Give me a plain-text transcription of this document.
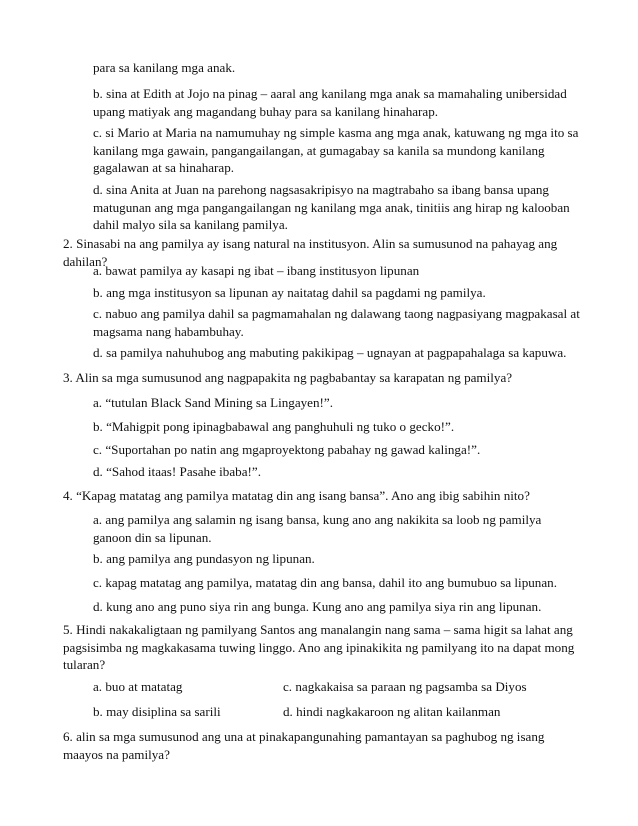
para sa kanilang mga anak.

b. sina at Edith at Jojo na pinag – aaral ang kanilang mga anak sa mamahaling unibersidad upang matiyak ang magandang buhay para sa kanilang hinaharap.

c. si Mario at Maria na namumuhay ng simple kasma ang mga anak, katuwang ng mga ito sa kanilang mga gawain, pangangailangan, at gumagabay sa kanila sa mundong kanilang gagalawan at sa hinaharap.

d. sina Anita at Juan na parehong nagsasakripisyo na magtrabaho sa ibang bansa upang matugunan ang mga pangangailangan ng kanilang mga anak, tinitiis ang hirap ng kalooban dahil malyo sila sa kanilang pamilya.

2. Sinasabi na ang pamilya ay isang natural na institusyon. Alin sa sumusunod na pahayag ang dahilan?

a. bawat pamilya ay kasapi ng ibat – ibang institusyon lipunan

b. ang mga institusyon sa lipunan ay naitatag dahil sa pagdami ng pamilya.

c. nabuo ang pamilya dahil sa pagmamahalan ng dalawang taong nagpasiyang magpakasal at magsama nang habambuhay.

d. sa pamilya nahuhubog ang mabuting pakikipag – ugnayan at pagpapahalaga sa kapuwa.

3. Alin sa mga sumusunod ang nagpapakita ng pagbabantay sa karapatan ng pamilya?

a. “tutulan Black Sand Mining sa Lingayen!”.

b. “Mahigpit pong ipinagbabawal ang panghuhuli ng tuko o gecko!”.

c. “Suportahan po natin ang mgaproyektong pabahay ng gawad kalinga!”.

d. “Sahod itaas! Pasahe ibaba!”.

4. “Kapag matatag ang pamilya matatag din ang isang bansa”. Ano ang ibig sabihin nito?

a. ang pamilya ang salamin ng isang bansa, kung ano ang nakikita sa loob ng pamilya ganoon din sa lipunan.

b. ang pamilya ang pundasyon ng lipunan.

c. kapag matatag ang pamilya, matatag din ang bansa, dahil ito ang bumubuo sa lipunan.

d. kung ano ang puno siya rin ang bunga. Kung ano ang pamilya siya rin ang lipunan.

5. Hindi nakakaligtaan ng pamilyang Santos ang manalangin nang sama – sama higit sa lahat ang pagsisimba ng magkakasama tuwing linggo. Ano ang ipinakikita ng pamilyang ito na dapat mong tularan?

a. buo at matatag	c. nagkakaisa sa paraan ng pagsamba sa Diyos
b. may disiplina sa sarili	d. hindi nagkakaroon ng alitan kailanman

6. alin sa mga sumusunod ang una at pinakapangunahing pamantayan sa paghubog ng isang maayos na pamilya?
